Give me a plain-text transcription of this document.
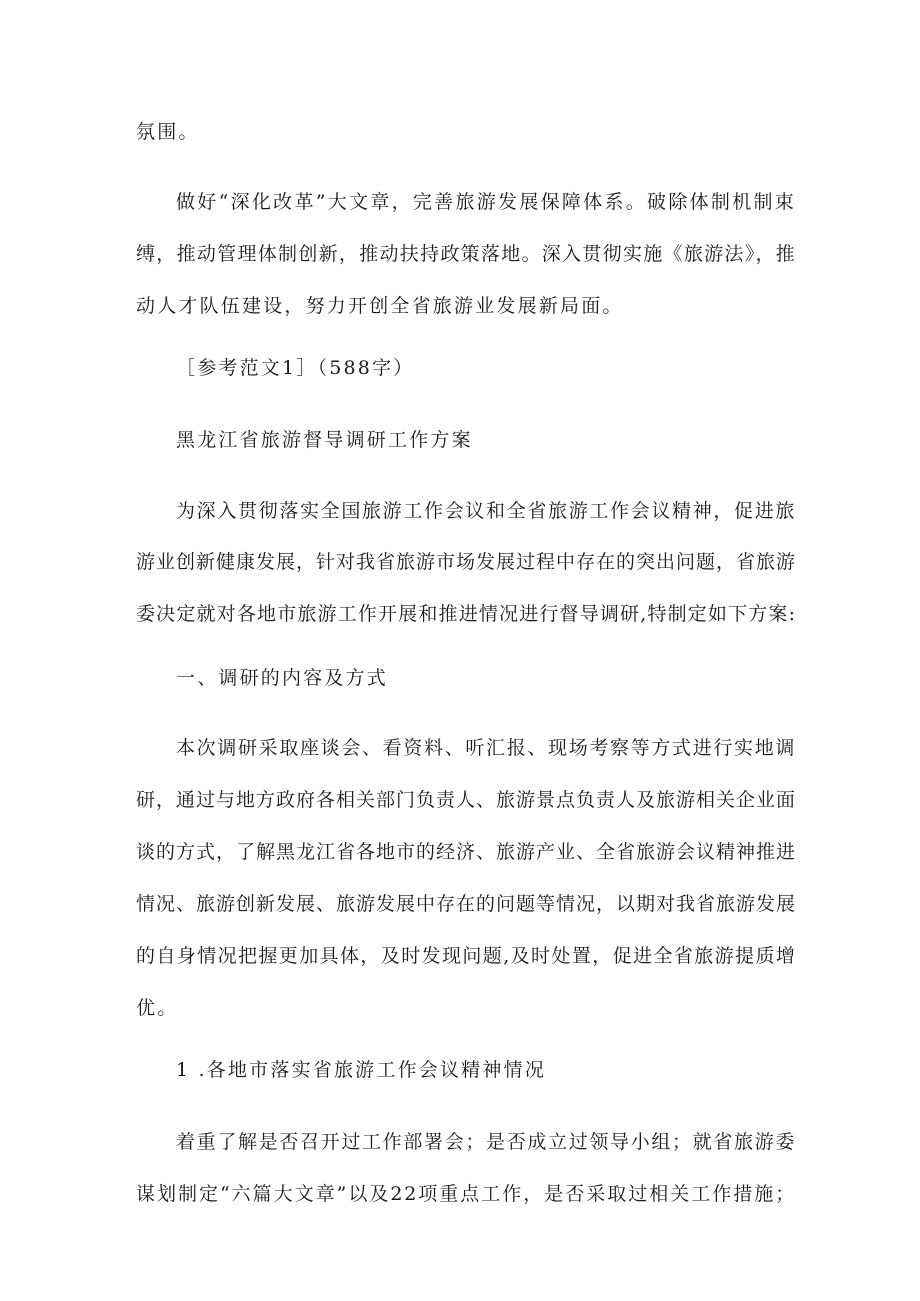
氛围。
做好“深化改革”大文章，完善旅游发展保障体系。破除体制机制束
缚，推动管理体制创新，推动扶持政策落地。深入贯彻实施《旅游法》，推
动人才队伍建设，努力开创全省旅游业发展新局面。
［参考范文1］（588字）
黑龙江省旅游督导调研工作方案
为深入贯彻落实全国旅游工作会议和全省旅游工作会议精神，促进旅
游业创新健康发展，针对我省旅游市场发展过程中存在的突出问题，省旅游
委决定就对各地市旅游工作开展和推进情况进行督导调研,特制定如下方案:
一、调研的内容及方式
本次调研采取座谈会、看资料、听汇报、现场考察等方式进行实地调
研，通过与地方政府各相关部门负责人、旅游景点负责人及旅游相关企业面
谈的方式，了解黑龙江省各地市的经济、旅游产业、全省旅游会议精神推进
情况、旅游创新发展、旅游发展中存在的问题等情况，以期对我省旅游发展
的自身情况把握更加具体，及时发现问题,及时处置，促进全省旅游提质增
优。
1 .各地市落实省旅游工作会议精神情况
着重了解是否召开过工作部署会；是否成立过领导小组；就省旅游委
谋划制定“六篇大文章”以及22项重点工作，是否采取过相关工作措施；
